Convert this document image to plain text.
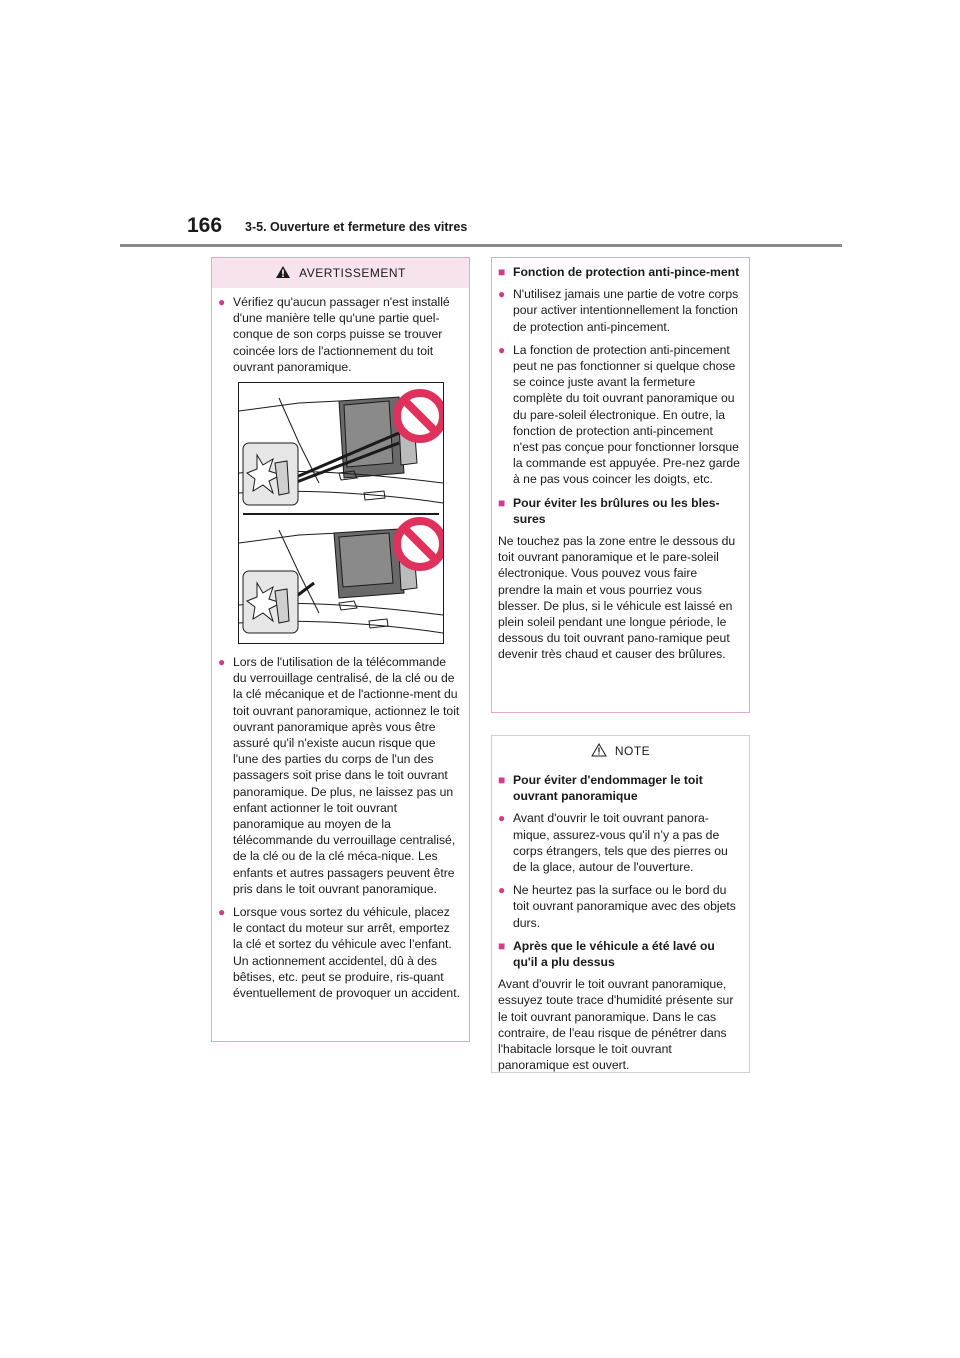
166 3-5. Ouverture et fermeture des vitres
AVERTISSEMENT
● Vérifiez qu'aucun passager n'est installé d'une manière telle qu'une partie quel-conque de son corps puisse se trouver coincée lors de l'actionnement du toit ouvrant panoramique.
● Lors de l'utilisation de la télécommande du verrouillage centralisé, de la clé ou de la clé mécanique et de l'actionne-ment du toit ouvrant panoramique, actionnez le toit ouvrant panoramique après vous être assuré qu'il n'existe aucun risque que l'une des parties du corps de l'un des passagers soit prise dans le toit ouvrant panoramique. De plus, ne laissez pas un enfant actionner le toit ouvrant panoramique au moyen de la télécommande du verrouillage centralisé, de la clé ou de la clé méca-nique. Les enfants et autres passagers peuvent être pris dans le toit ouvrant panoramique.
● Lorsque vous sortez du véhicule, placez le contact du moteur sur arrêt, emportez la clé et sortez du véhicule avec l’enfant. Un actionnement accidentel, dû à des bêtises, etc. peut se produire, ris-quant éventuellement de provoquer un accident.
■ Fonction de protection anti-pince-ment
● N'utilisez jamais une partie de votre corps pour activer intentionnellement la fonction de protection anti-pincement.
● La fonction de protection anti-pincement peut ne pas fonctionner si quelque chose se coince juste avant la fermeture complète du toit ouvrant panoramique ou du pare-soleil électronique. En outre, la fonction de protection anti-pincement n'est pas conçue pour fonctionner lorsque la commande est appuyée. Pre-nez garde à ne pas vous coincer les doigts, etc.
■ Pour éviter les brûlures ou les bles-sures
Ne touchez pas la zone entre le dessous du toit ouvrant panoramique et le pare-soleil électronique. Vous pouvez vous faire prendre la main et vous pourriez vous blesser. De plus, si le véhicule est laissé en plein soleil pendant une longue période, le dessous du toit ouvrant pano-ramique peut devenir très chaud et causer des brûlures.
NOTE
■ Pour éviter d'endommager le toit ouvrant panoramique
● Avant d'ouvrir le toit ouvrant panora-mique, assurez-vous qu'il n’y a pas de corps étrangers, tels que des pierres ou de la glace, autour de l'ouverture.
● Ne heurtez pas la surface ou le bord du toit ouvrant panoramique avec des objets durs.
■ Après que le véhicule a été lavé ou qu'il a plu dessus
Avant d'ouvrir le toit ouvrant panoramique, essuyez toute trace d'humidité présente sur le toit ouvrant panoramique. Dans le cas contraire, de l'eau risque de pénétrer dans l'habitacle lorsque le toit ouvrant panoramique est ouvert.
